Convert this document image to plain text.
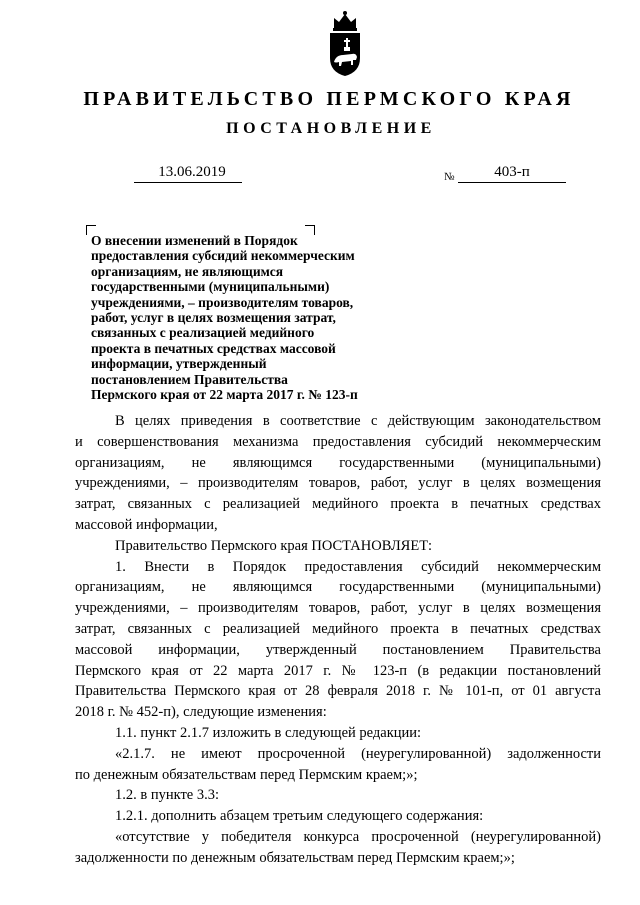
ПРАВИТЕЛЬСТВО ПЕРМСКОГО КРАЯ
ПОСТАНОВЛЕНИЕ
13.06.2019	№	403-п
О внесении изменений в Порядок
предоставления субсидий некоммерческим
организациям, не являющимся
государственными (муниципальными)
учреждениями, – производителям товаров,
работ, услуг в целях возмещения затрат,
связанных с реализацией медийного
проекта в печатных средствах массовой
информации, утвержденный
постановлением Правительства
Пермского края от 22 марта 2017 г. № 123-п
В целях приведения в соответствие с действующим законодательством
и совершенствования механизма предоставления субсидий некоммерческим
организациям, не являющимся государственными (муниципальными)
учреждениями, – производителям товаров, работ, услуг в целях возмещения
затрат, связанных с реализацией медийного проекта в печатных средствах
массовой информации,
Правительство Пермского края ПОСТАНОВЛЯЕТ:
1. Внести в Порядок предоставления субсидий некоммерческим
организациям, не являющимся государственными (муниципальными)
учреждениями, – производителям товаров, работ, услуг в целях возмещения
затрат, связанных с реализацией медийного проекта в печатных средствах
массовой информации, утвержденный постановлением Правительства
Пермского края от 22 марта 2017 г. № 123-п (в редакции постановлений
Правительства Пермского края от 28 февраля 2018 г. № 101-п, от 01 августа
2018 г. № 452-п), следующие изменения:
1.1. пункт 2.1.7 изложить в следующей редакции:
«2.1.7. не имеют просроченной (неурегулированной) задолженности
по денежным обязательствам перед Пермским краем;»;
1.2. в пункте 3.3:
1.2.1. дополнить абзацем третьим следующего содержания:
«отсутствие у победителя конкурса просроченной (неурегулированной)
задолженности по денежным обязательствам перед Пермским краем;»;
